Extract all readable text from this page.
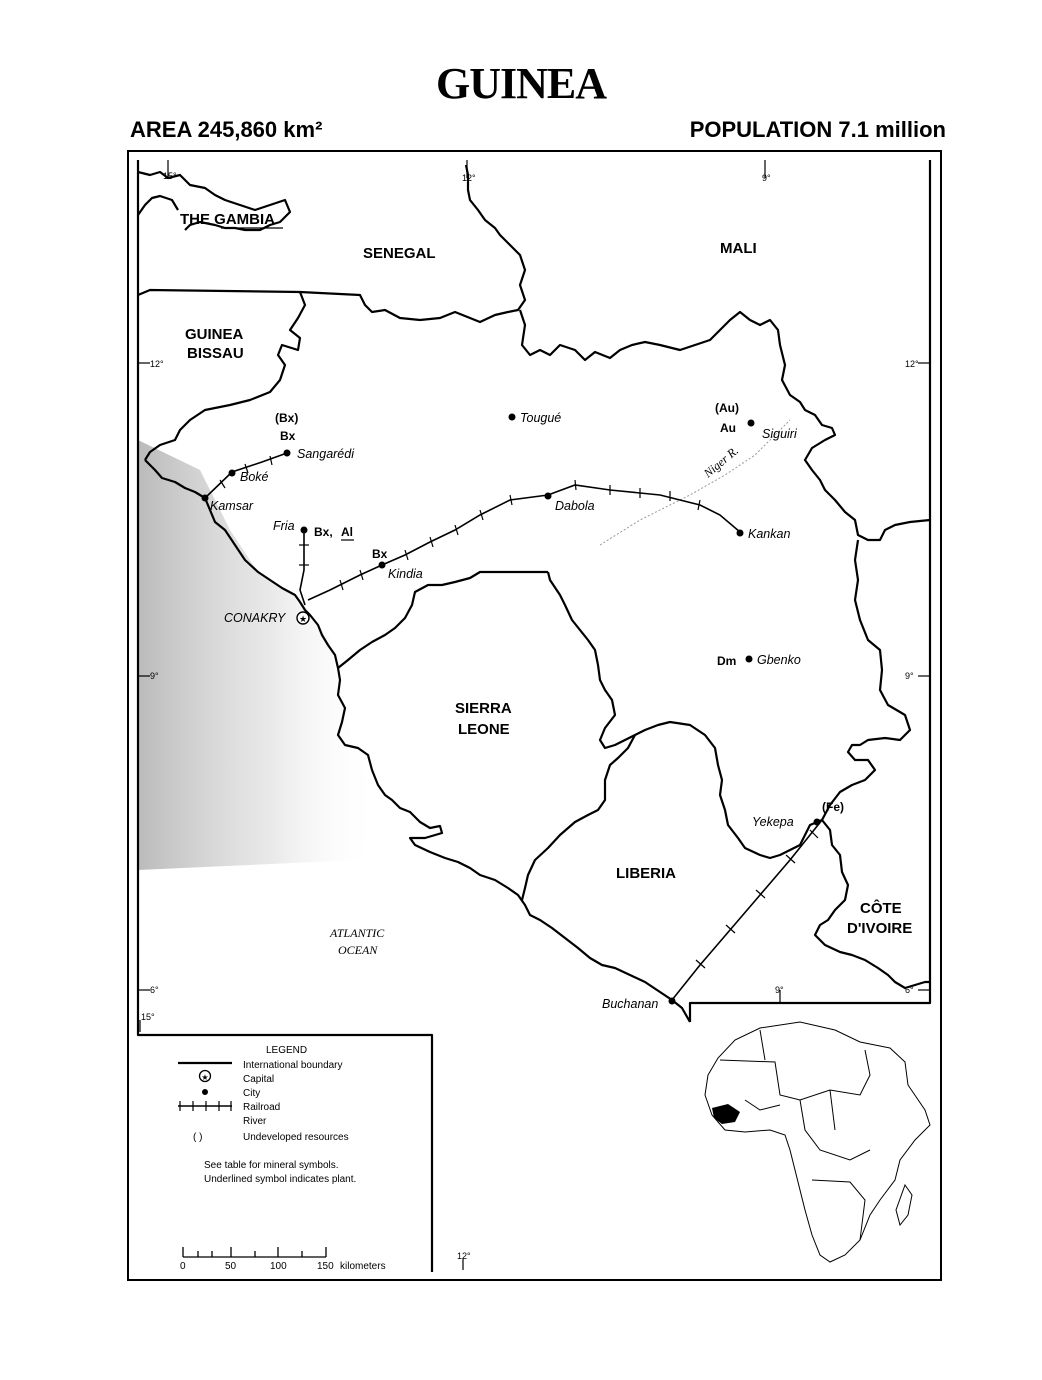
GUINEA
AREA 245,860 km²	POPULATION 7.1 million
★
THE GAMBIA
SENEGAL	MALI
GUINEA
BISSAU
SIERRA
LEONE
LIBERIA
CÔTE
D'IVOIRE
Sangarédi
Boké
Kamsar
Fria
Kindia
CONAKRY
Tougué
Dabola
Kankan
Siguiri
Gbenko
Yekepa
Buchanan
(Bx)
Bx
Bx, Al
Bx
(Au)
Au
Dm
(Fe)
Niger R.
ATLANTIC
OCEAN
15°	12°	9°
12°	12°
9°	9°
6°	6°
9°
15°
12°
LEGEND
International boundary
★	Capital
City
Railroad
River
( )	Undeveloped resources
See table for mineral symbols.
Underlined symbol indicates plant.
0	50	100	150 kilometers
